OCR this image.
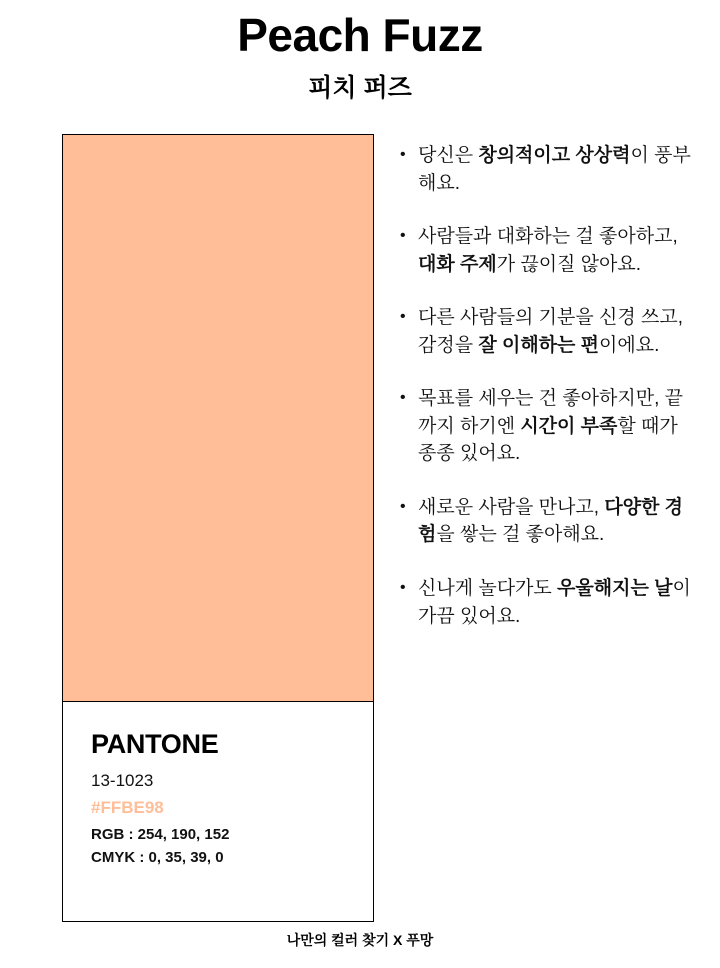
Peach Fuzz
피치 퍼즈
PANTONE
13-1023
#FFBE98
RGB : 254, 190, 152
CMYK : 0, 35, 39, 0
• 당신은 창의적이고 상상력이 풍부해요.
• 사람들과 대화하는 걸 좋아하고, 대화 주제가 끊이질 않아요.
• 다른 사람들의 기분을 신경 쓰고, 감정을 잘 이해하는 편이에요.
• 목표를 세우는 건 좋아하지만, 끝까지 하기엔 시간이 부족할 때가 종종 있어요.
• 새로운 사람을 만나고, 다양한 경험을 쌓는 걸 좋아해요.
• 신나게 놀다가도 우울해지는 날이 가끔 있어요.
나만의 컬러 찾기 X 푸망
